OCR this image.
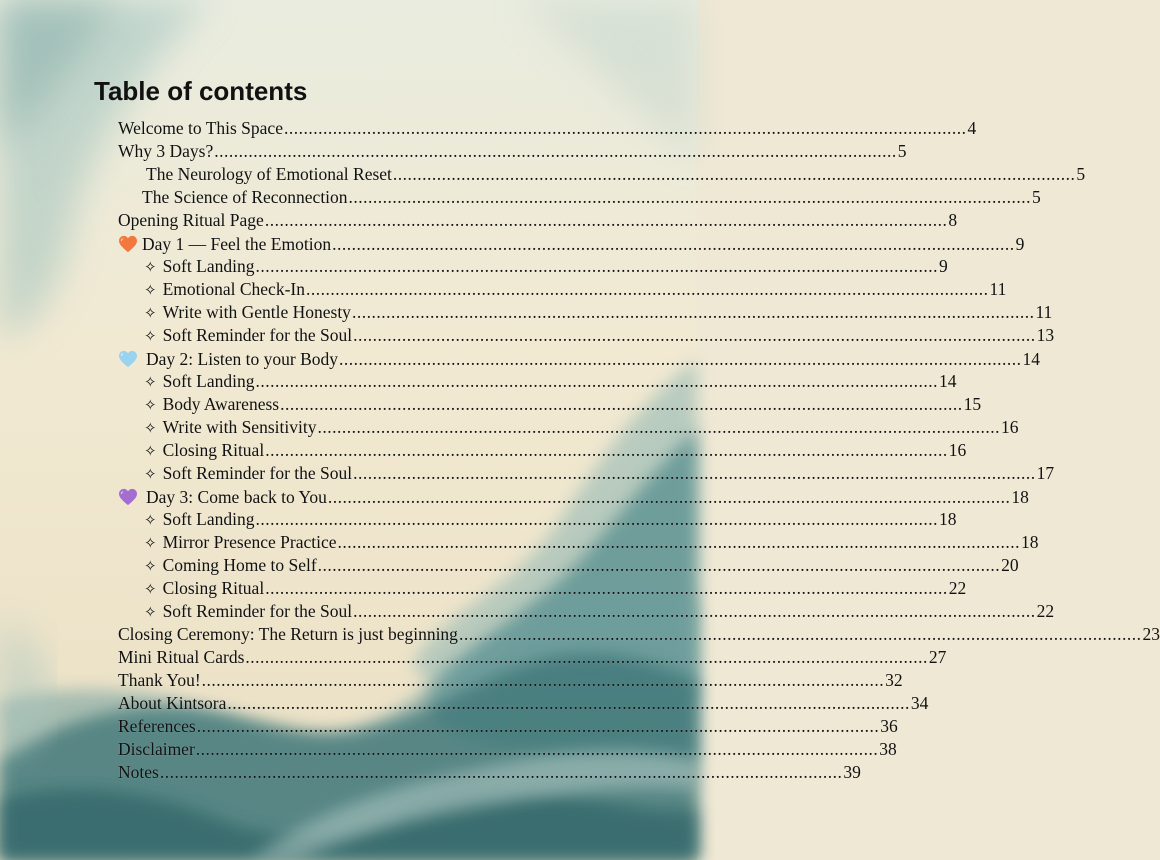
Table of contents
Welcome to This Space ............................................................................................................................................ 4
Why 3 Days? ............................................................................................................................................ 5
The Neurology of Emotional Reset ............................................................................................................................................ 5
The Science of Reconnection ............................................................................................................................................ 5
Opening Ritual Page ............................................................................................................................................ 8
Day 1 — Feel the Emotion ............................................................................................................................................ 9
✧ Soft Landing ............................................................................................................................................ 9
✧ Emotional Check-In ............................................................................................................................................ 11
✧ Write with Gentle Honesty ............................................................................................................................................ 11
✧ Soft Reminder for the Soul ............................................................................................................................................ 13
Day 2: Listen to your Body ............................................................................................................................................ 14
✧ Soft Landing ............................................................................................................................................ 14
✧ Body Awareness ............................................................................................................................................ 15
✧ Write with Sensitivity ............................................................................................................................................ 16
✧ Closing Ritual ............................................................................................................................................ 16
✧ Soft Reminder for the Soul ............................................................................................................................................ 17
Day 3: Come back to You ............................................................................................................................................ 18
✧ Soft Landing ............................................................................................................................................ 18
✧ Mirror Presence Practice ............................................................................................................................................ 18
✧ Coming Home to Self ............................................................................................................................................ 20
✧ Closing Ritual ............................................................................................................................................ 22
✧ Soft Reminder for the Soul ............................................................................................................................................ 22
Closing Ceremony: The Return is just beginning ............................................................................................................................................ 23
Mini Ritual Cards ............................................................................................................................................ 27
Thank You! ............................................................................................................................................ 32
About Kintsora ............................................................................................................................................ 34
References ............................................................................................................................................ 36
Disclaimer ............................................................................................................................................ 38
Notes ............................................................................................................................................ 39
